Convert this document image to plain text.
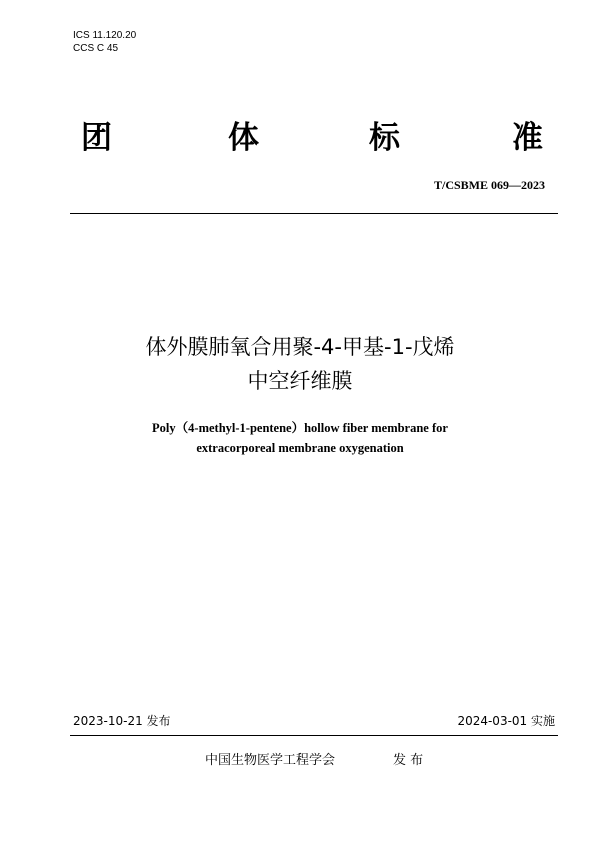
ICS 11.120.20
CCS C 45
团	体	标	准
T/CSBME 069—2023
体外膜肺氧合用聚-4-甲基-1-戊烯
中空纤维膜
Poly（4-methyl-1-pentene）hollow fiber membrane for
extracorporeal membrane oxygenation
2023-10-21 发布	2024-03-01 实施
中国生物医学工程学会	发 布
